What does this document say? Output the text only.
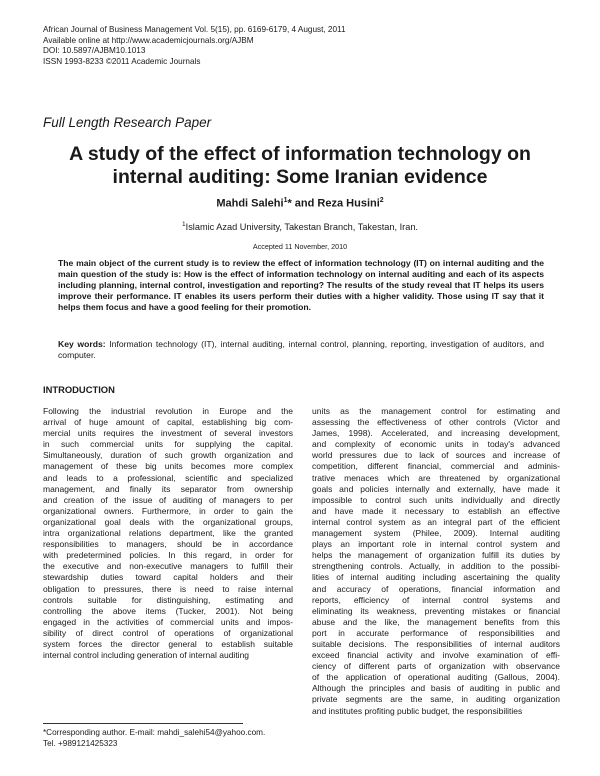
African Journal of Business Management Vol. 5(15), pp. 6169-6179, 4 August, 2011
Available online at http://www.academicjournals.org/AJBM
DOI: 10.5897/AJBM10.1013
ISSN 1993-8233 ©2011 Academic Journals
Full Length Research Paper
A study of the effect of information technology on
internal auditing: Some Iranian evidence
Mahdi Salehi$^1$* and Reza Husini$^2$
$^1$Islamic Azad University, Takestan Branch, Takestan, Iran.
Accepted 11 November, 2010
The main object of the current study is to review the effect of information technology (IT) on internal auditing and the main question of the study is: How is the effect of information technology on internal auditing and each of its aspects including planning, internal control, investigation and reporting? The results of the study reveal that IT helps its users improve their performance. IT enables its users perform their duties with a higher validity. Those using IT say that it helps them focus and have a good feeling for their promotion.
Key words: Information technology (IT), internal auditing, internal control, planning, reporting, investigation of auditors, and computer.
INTRODUCTION
Following the industrial revolution in Europe and the
arrival of huge amount of capital, establishing big com-
mercial units requires the investment of several investors
in such commercial units for supplying the capital.
Simultaneously, duration of such growth organization and
management of these big units becomes more complex
and leads to a professional, scientific and specialized
management, and finally its separator from ownership
and creation of the issue of auditing of managers to per
organizational owners. Furthermore, in order to gain the
organizational goal deals with the organizational groups,
intra organizational relations department, like the granted
responsibilities to managers, should be in accordance
with predetermined policies. In this regard, in order for
the executive and non-executive managers to fulfill their
stewardship duties toward capital holders and their
obligation to pressures, there is need to raise internal
controls suitable for distinguishing, estimating and
controlling the above items (Tucker, 2001). Not being
engaged in the activities of commercial units and impos-
sibility of direct control of operations of organizational
system forces the director general to establish suitable
internal control including generation of internal auditing
units as the management control for estimating and
assessing the effectiveness of other controls (Victor and
James, 1998). Accelerated, and increasing development,
and complexity of economic units in today's advanced
world pressures due to lack of sources and increase of
competition, different financial, commercial and adminis-
trative menaces which are threatened by organizational
goals and policies internally and externally, have made it
impossible to control such units individually and directly
and have made it necessary to establish an effective
internal control system as an integral part of the efficient
management system (Philee, 2009). Internal auditing
plays an important role in internal control system and
helps the management of organization fulfill its duties by
strengthening controls. Actually, in addition to the possibi-
lities of internal auditing including ascertaining the quality
and accuracy of operations, financial information and
reports, efficiency of internal control systems and
eliminating its weakness, preventing mistakes or financial
abuse and the like, the management benefits from this
port in accurate performance of responsibilities and
suitable decisions. The responsibilities of internal auditors
exceed financial activity and involve examination of effi-
ciency of different parts of organization with observance
of the application of operational auditing (Gallous, 2004).
Although the principles and basis of auditing in public and
private segments are the same, in auditing organization
and institutes profiting public budget, the responsibilities
*Corresponding author. E-mail: mahdi_salehi54@yahoo.com.
Tel. +989121425323
